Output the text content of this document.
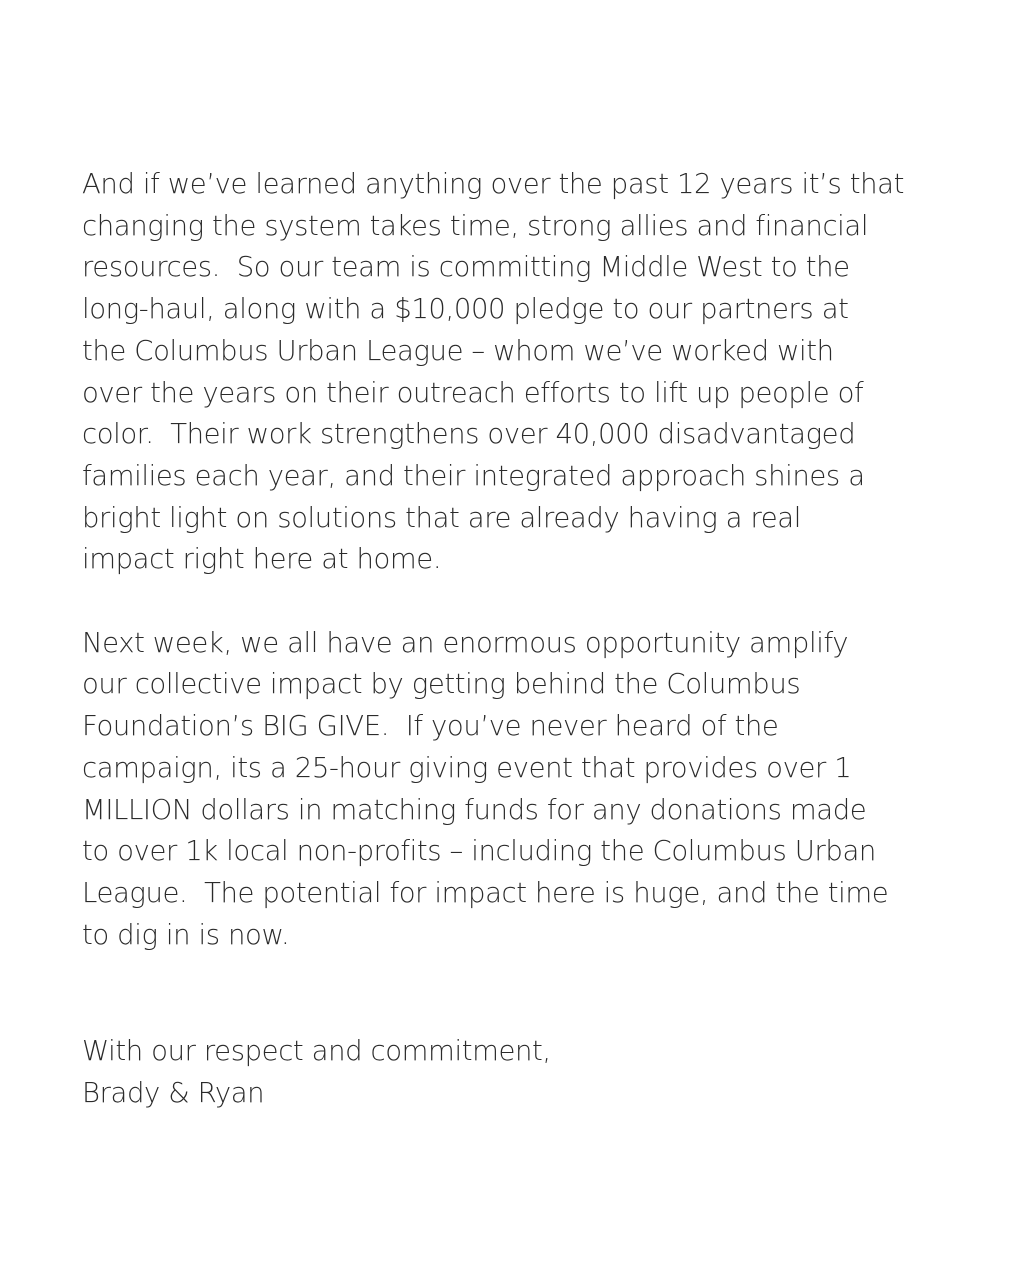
And if we’ve learned anything over the past 12 years it’s that
changing the system takes time, strong allies and financial
resources.  So our team is committing Middle West to the
long-haul, along with a $10,000 pledge to our partners at
the Columbus Urban League – whom we’ve worked with
over the years on their outreach efforts to lift up people of
color.  Their work strengthens over 40,000 disadvantaged
families each year, and their integrated approach shines a
bright light on solutions that are already having a real
impact right here at home.

Next week, we all have an enormous opportunity amplify
our collective impact by getting behind the Columbus
Foundation’s BIG GIVE.  If you’ve never heard of the
campaign, its a 25-hour giving event that provides over 1
MILLION dollars in matching funds for any donations made
to over 1k local non-profits – including the Columbus Urban
League.  The potential for impact here is huge, and the time
to dig in is now.

With our respect and commitment,
Brady & Ryan
